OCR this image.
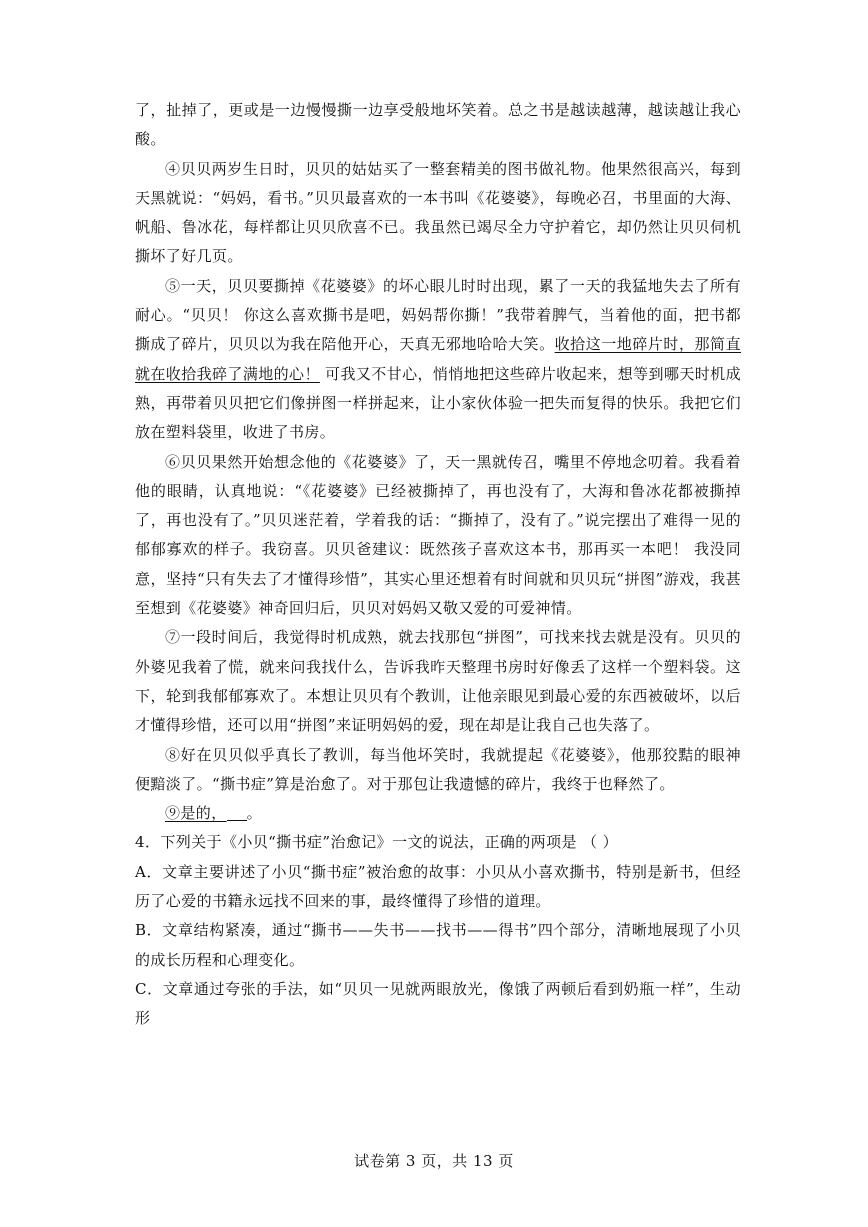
了，扯掉了，更或是一边慢慢撕一边享受般地坏笑着。总之书是越读越薄，越读越让我心酸。

④贝贝两岁生日时，贝贝的姑姑买了一整套精美的图书做礼物。他果然很高兴，每到天黑就说：“妈妈，看书。”贝贝最喜欢的一本书叫《花婆婆》，每晚必召，书里面的大海、帆船、鲁冰花，每样都让贝贝欣喜不已。我虽然已竭尽全力守护着它，却仍然让贝贝伺机撕坏了好几页。

⑤一天，贝贝要撕掉《花婆婆》的坏心眼儿时时出现，累了一天的我猛地失去了所有耐心。“贝贝！ 你这么喜欢撕书是吧，妈妈帮你撕！”我带着脾气，当着他的面，把书都撕成了碎片，贝贝以为我在陪他开心，天真无邪地哈哈大笑。收拾这一地碎片时，那简直就在收拾我碎了满地的心！ 可我又不甘心，悄悄地把这些碎片收起来，想等到哪天时机成熟，再带着贝贝把它们像拼图一样拼起来，让小家伙体验一把失而复得的快乐。我把它们放在塑料袋里，收进了书房。

⑥贝贝果然开始想念他的《花婆婆》了，天一黑就传召，嘴里不停地念叨着。我看着他的眼睛，认真地说：“《花婆婆》已经被撕掉了，再也没有了，大海和鲁冰花都被撕掉了，再也没有了。”贝贝迷茫着，学着我的话：“撕掉了，没有了。”说完摆出了难得一见的郁郁寡欢的样子。我窃喜。贝贝爸建议：既然孩子喜欢这本书，那再买一本吧！ 我没同意，坚持“只有失去了才懂得珍惜”，其实心里还想着有时间就和贝贝玩“拼图”游戏，我甚至想到《花婆婆》神奇回归后，贝贝对妈妈又敬又爱的可爱神情。

⑦一段时间后，我觉得时机成熟，就去找那包“拼图”，可找来找去就是没有。贝贝的外婆见我着了慌，就来问我找什么，告诉我昨天整理书房时好像丢了这样一个塑料袋。这下，轮到我郁郁寡欢了。本想让贝贝有个教训，让他亲眼见到最心爱的东西被破坏，以后才懂得珍惜，还可以用“拼图”来证明妈妈的爱，现在却是让我自己也失落了。

⑧好在贝贝似乎真长了教训，每当他坏笑时，我就提起《花婆婆》，他那狡黠的眼神便黯淡了。“撕书症”算是治愈了。对于那包让我遗憾的碎片，我终于也释然了。

⑨是的， 。

4．下列关于《小贝“撕书症”治愈记》一文的说法，正确的两项是 （ ）

A．文章主要讲述了小贝“撕书症”被治愈的故事：小贝从小喜欢撕书，特别是新书，但经历了心爱的书籍永远找不回来的事，最终懂得了珍惜的道理。

B．文章结构紧凑，通过“撕书——失书——找书——得书”四个部分，清晰地展现了小贝的成长历程和心理变化。

C．文章通过夸张的手法，如“贝贝一见就两眼放光，像饿了两顿后看到奶瓶一样”，生动形

试卷第 3 页，共 13 页
